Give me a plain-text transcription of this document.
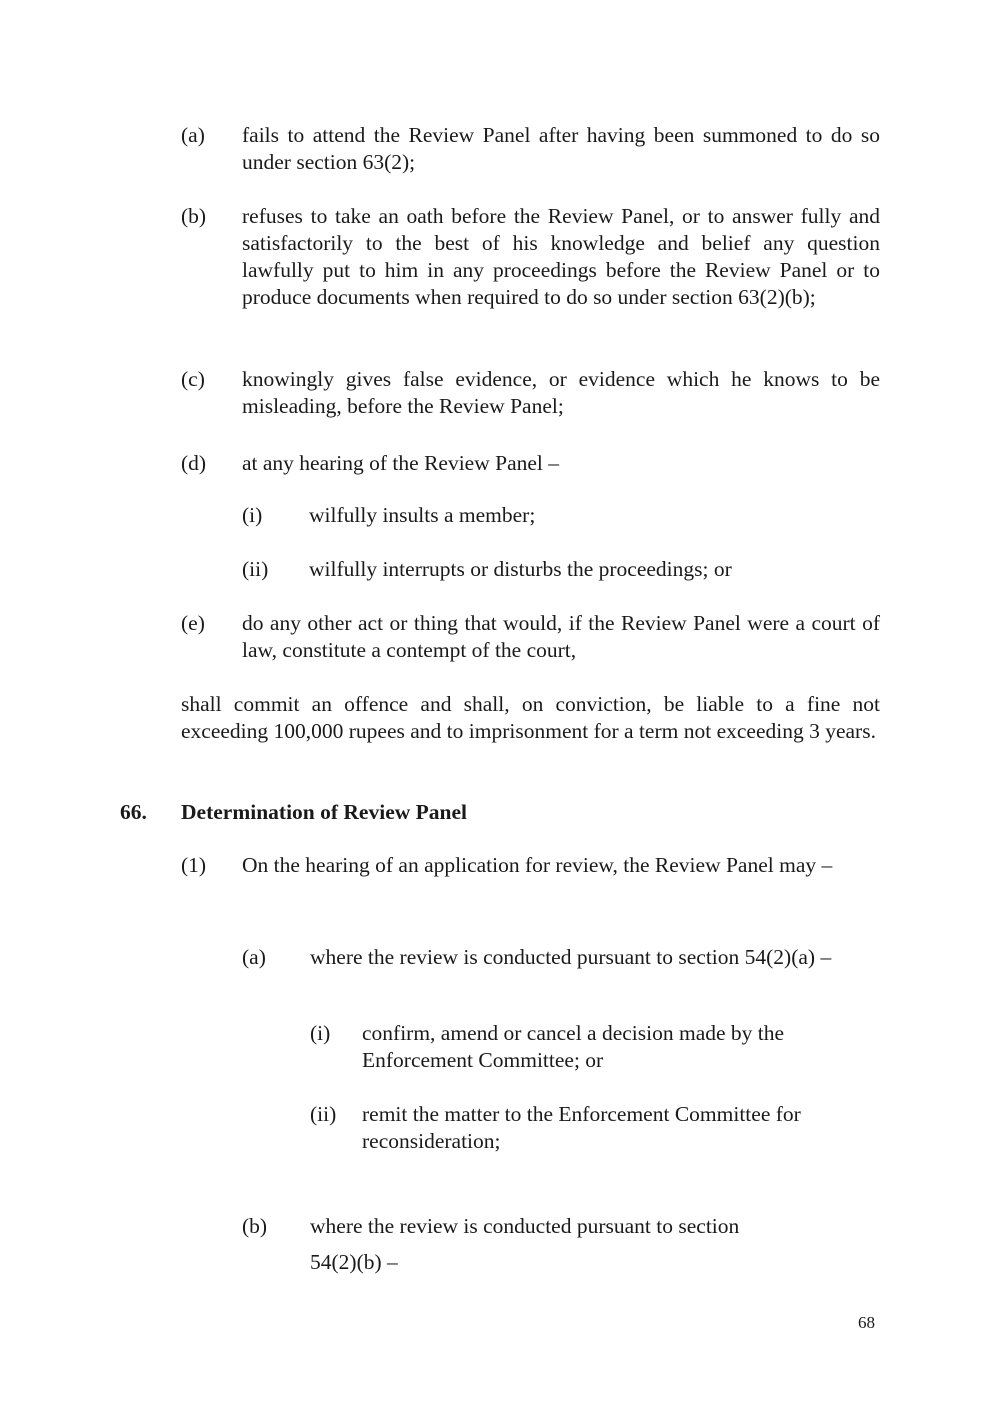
(a) fails to attend the Review Panel after having been summoned to do so under section 63(2);
(b) refuses to take an oath before the Review Panel, or to answer fully and satisfactorily to the best of his knowledge and belief any question lawfully put to him in any proceedings before the Review Panel or to produce documents when required to do so under section 63(2)(b);
(c) knowingly gives false evidence, or evidence which he knows to be misleading, before the Review Panel;
(d) at any hearing of the Review Panel –
(i) wilfully insults a member;
(ii) wilfully interrupts or disturbs the proceedings; or
(e) do any other act or thing that would, if the Review Panel were a court of law, constitute a contempt of the court,
shall commit an offence and shall, on conviction, be liable to a fine not exceeding 100,000 rupees and to imprisonment for a term not exceeding 3 years.
66. Determination of Review Panel
(1) On the hearing of an application for review, the Review Panel may –
(a) where the review is conducted pursuant to section 54(2)(a) –
(i) confirm, amend or cancel a decision made by the Enforcement Committee; or
(ii) remit the matter to the Enforcement Committee for reconsideration;
(b) where the review is conducted pursuant to section
54(2)(b) –
68
